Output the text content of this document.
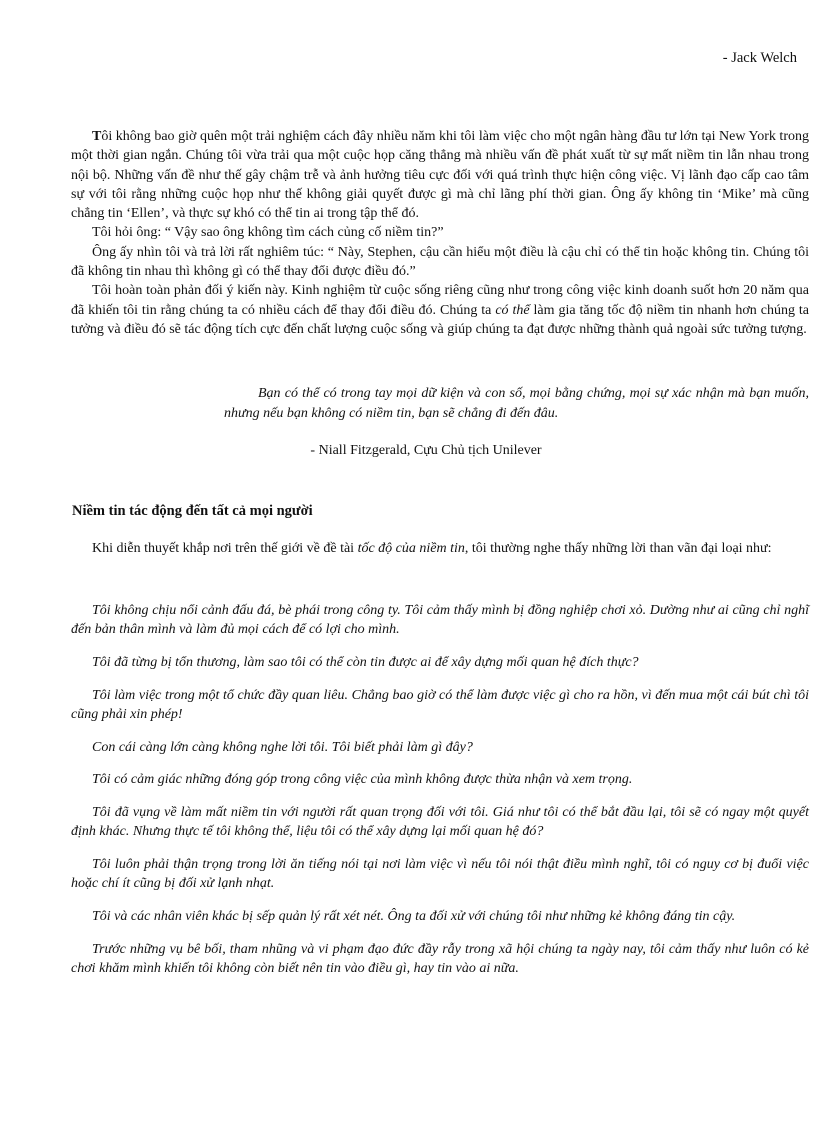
- Jack Welch

Tôi không bao giờ quên một trải nghiệm cách đây nhiều năm khi tôi làm việc cho một ngân hàng đầu tư lớn tại New York trong một thời gian ngắn. Chúng tôi vừa trải qua một cuộc họp căng thẳng mà nhiều vấn đề phát xuất từ sự mất niềm tin lẫn nhau trong nội bộ. Những vấn đề như thế gây chậm trễ và ảnh hưởng tiêu cực đối với quá trình thực hiện công việc. Vị lãnh đạo cấp cao tâm sự với tôi rằng những cuộc họp như thế không giải quyết được gì mà chỉ lãng phí thời gian. Ông ấy không tin ‘Mike’ mà cũng chẳng tin ‘Ellen’, và thực sự khó có thể tin ai trong tập thể đó.

Tôi hỏi ông: “ Vậy sao ông không tìm cách củng cố niềm tin?”

Ông ấy nhìn tôi và trả lời rất nghiêm túc: “ Này, Stephen, cậu cần hiểu một điều là cậu chỉ có thể tin hoặc không tin. Chúng tôi đã không tin nhau thì không gì có thể thay đổi được điều đó.”

Tôi hoàn toàn phản đối ý kiến này. Kinh nghiệm từ cuộc sống riêng cũng như trong công việc kinh doanh suốt hơn 20 năm qua đã khiến tôi tin rằng chúng ta có nhiều cách để thay đổi điều đó. Chúng ta có thể làm gia tăng tốc độ niềm tin nhanh hơn chúng ta tưởng và điều đó sẽ tác động tích cực đến chất lượng cuộc sống và giúp chúng ta đạt được những thành quả ngoài sức tưởng tượng.

Bạn có thể có trong tay mọi dữ kiện và con số, mọi bằng chứng, mọi sự xác nhận mà bạn muốn, nhưng nếu bạn không có niềm tin, bạn sẽ chẳng đi đến đâu.

- Niall Fitzgerald, Cựu Chủ tịch Unilever
Niềm tin tác động đến tất cả mọi người

Khi diễn thuyết khắp nơi trên thế giới về đề tài tốc độ của niềm tin, tôi thường nghe thấy những lời than vãn đại loại như:

Tôi không chịu nổi cảnh đấu đá, bè phái trong công ty. Tôi cảm thấy mình bị đồng nghiệp chơi xỏ. Dường như ai cũng chỉ nghĩ đến bản thân mình và làm đủ mọi cách để có lợi cho mình.

Tôi đã từng bị tổn thương, làm sao tôi có thể còn tin được ai để xây dựng mối quan hệ đích thực?

Tôi làm việc trong một tổ chức đầy quan liêu. Chẳng bao giờ có thể làm được việc gì cho ra hồn, vì đến mua một cái bút chì tôi cũng phải xin phép!

Con cái càng lớn càng không nghe lời tôi. Tôi biết phải làm gì đây?

Tôi có cảm giác những đóng góp trong công việc của mình không được thừa nhận và xem trọng.

Tôi đã vụng về làm mất niềm tin với người rất quan trọng đối với tôi. Giá như tôi có thể bắt đầu lại, tôi sẽ có ngay một quyết định khác. Nhưng thực tế tôi không thể, liệu tôi có thể xây dựng lại mối quan hệ đó?

Tôi luôn phải thận trọng trong lời ăn tiếng nói tại nơi làm việc vì nếu tôi nói thật điều mình nghĩ, tôi có nguy cơ bị đuổi việc hoặc chí ít cũng bị đối xử lạnh nhạt.

Tôi và các nhân viên khác bị sếp quản lý rất xét nét. Ông ta đối xử với chúng tôi như những kẻ không đáng tin cậy.

Trước những vụ bê bối, tham nhũng và vi phạm đạo đức đầy rẫy trong xã hội chúng ta ngày nay, tôi cảm thấy như luôn có kẻ chơi khăm mình khiến tôi không còn biết nên tin vào điều gì, hay tin vào ai nữa.
